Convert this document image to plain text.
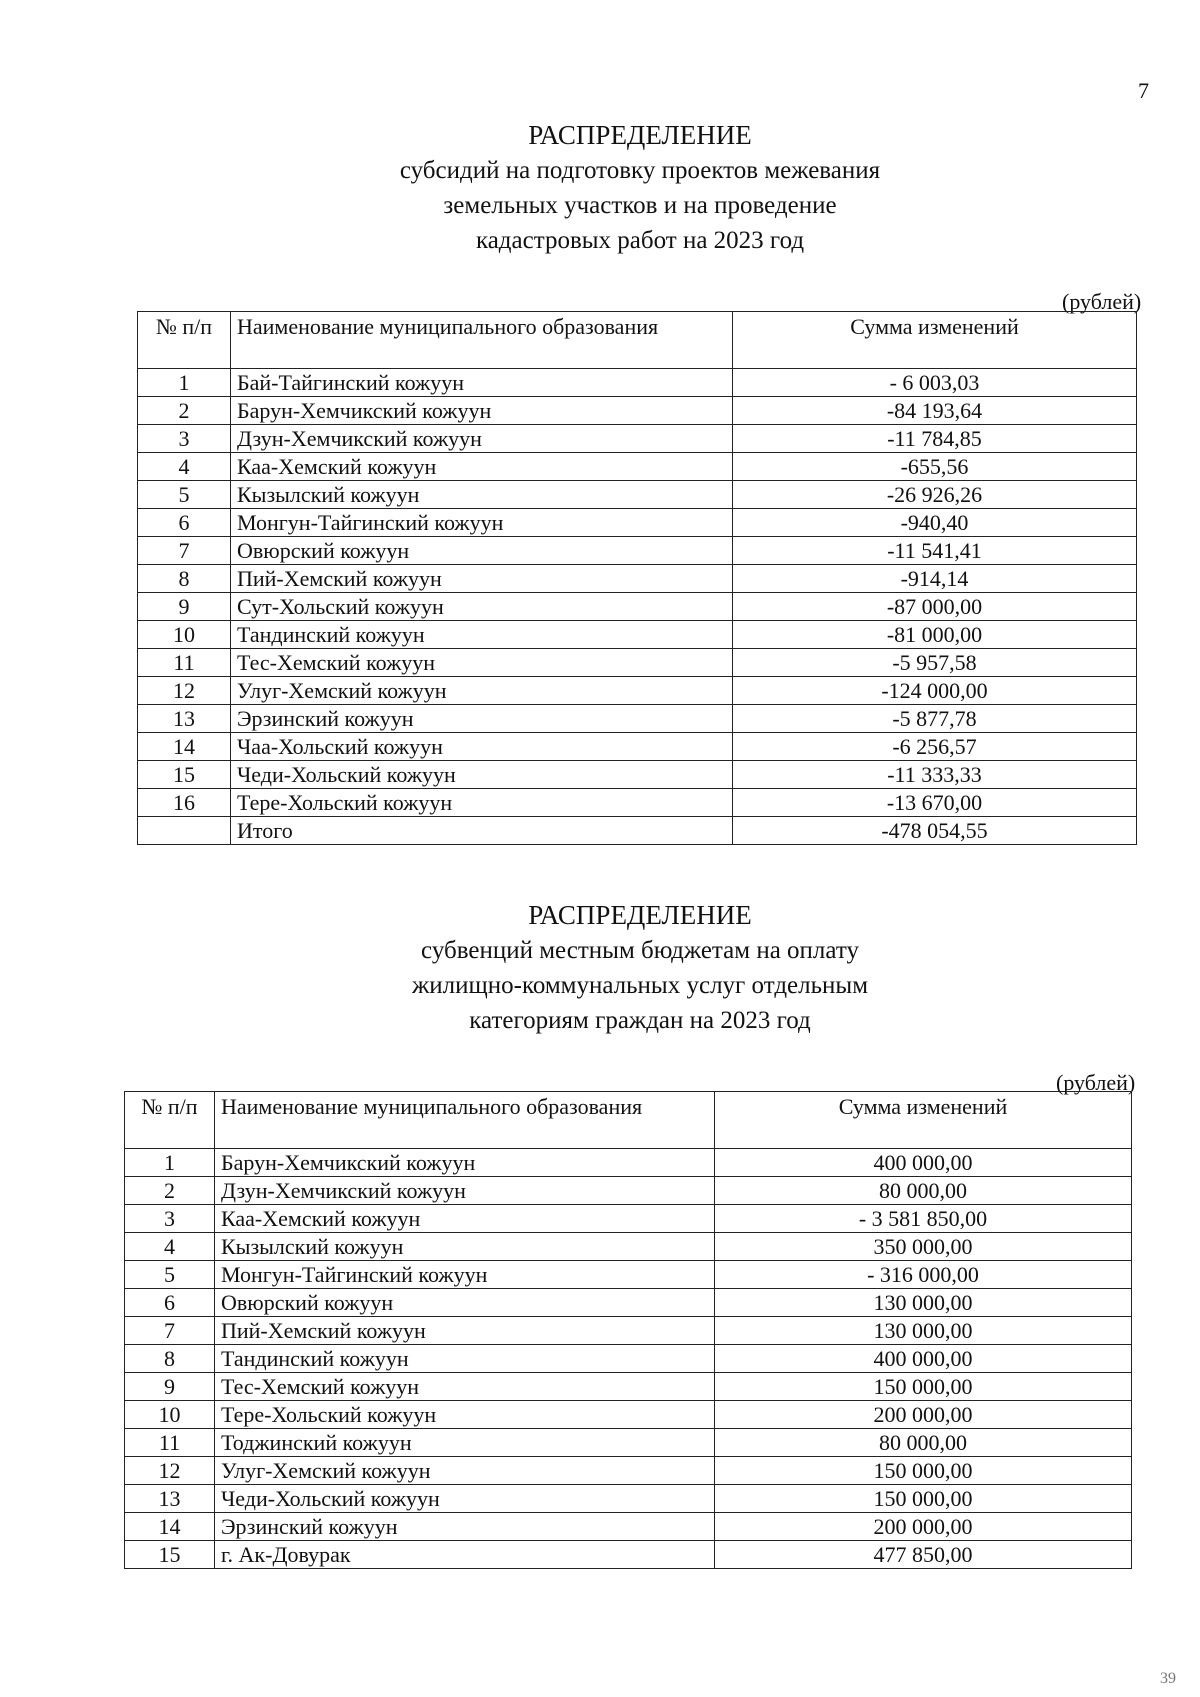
7
РАСПРЕДЕЛЕНИЕ
субсидий на подготовку проектов межевания
земельных участков и на проведение
кадастровых работ на 2023 год
(рублей)
№ п/п	Наименование муниципального образования	Сумма изменений
1	Бай-Тайгинский кожуун	- 6 003,03
2	Барун-Хемчикский кожуун	-84 193,64
3	Дзун-Хемчикский кожуун	-11 784,85
4	Каа-Хемский кожуун	-655,56
5	Кызылский кожуун	-26 926,26
6	Монгун-Тайгинский кожуун	-940,40
7	Овюрский кожуун	-11 541,41
8	Пий-Хемский кожуун	-914,14
9	Сут-Хольский кожуун	-87 000,00
10	Тандинский кожуун	-81 000,00
11	Тес-Хемский кожуун	-5 957,58
12	Улуг-Хемский кожуун	-124 000,00
13	Эрзинский кожуун	-5 877,78
14	Чаа-Хольский кожуун	-6 256,57
15	Чеди-Хольский кожуун	-11 333,33
16	Тере-Хольский кожуун	-13 670,00
	Итого	-478 054,55
РАСПРЕДЕЛЕНИЕ
субвенций местным бюджетам на оплату
жилищно-коммунальных услуг отдельным
категориям граждан на 2023 год
(рублей)
№ п/п	Наименование муниципального образования	Сумма изменений
1	Барун-Хемчикский кожуун	400 000,00
2	Дзун-Хемчикский кожуун	80 000,00
3	Каа-Хемский кожуун	- 3 581 850,00
4	Кызылский кожуун	350 000,00
5	Монгун-Тайгинский кожуун	- 316 000,00
6	Овюрский кожуун	130 000,00
7	Пий-Хемский кожуун	130 000,00
8	Тандинский кожуун	400 000,00
9	Тес-Хемский кожуун	150 000,00
10	Тере-Хольский кожуун	200 000,00
11	Тоджинский кожуун	80 000,00
12	Улуг-Хемский кожуун	150 000,00
13	Чеди-Хольский кожуун	150 000,00
14	Эрзинский кожуун	200 000,00
15	г. Ак-Довурак	477 850,00
39
